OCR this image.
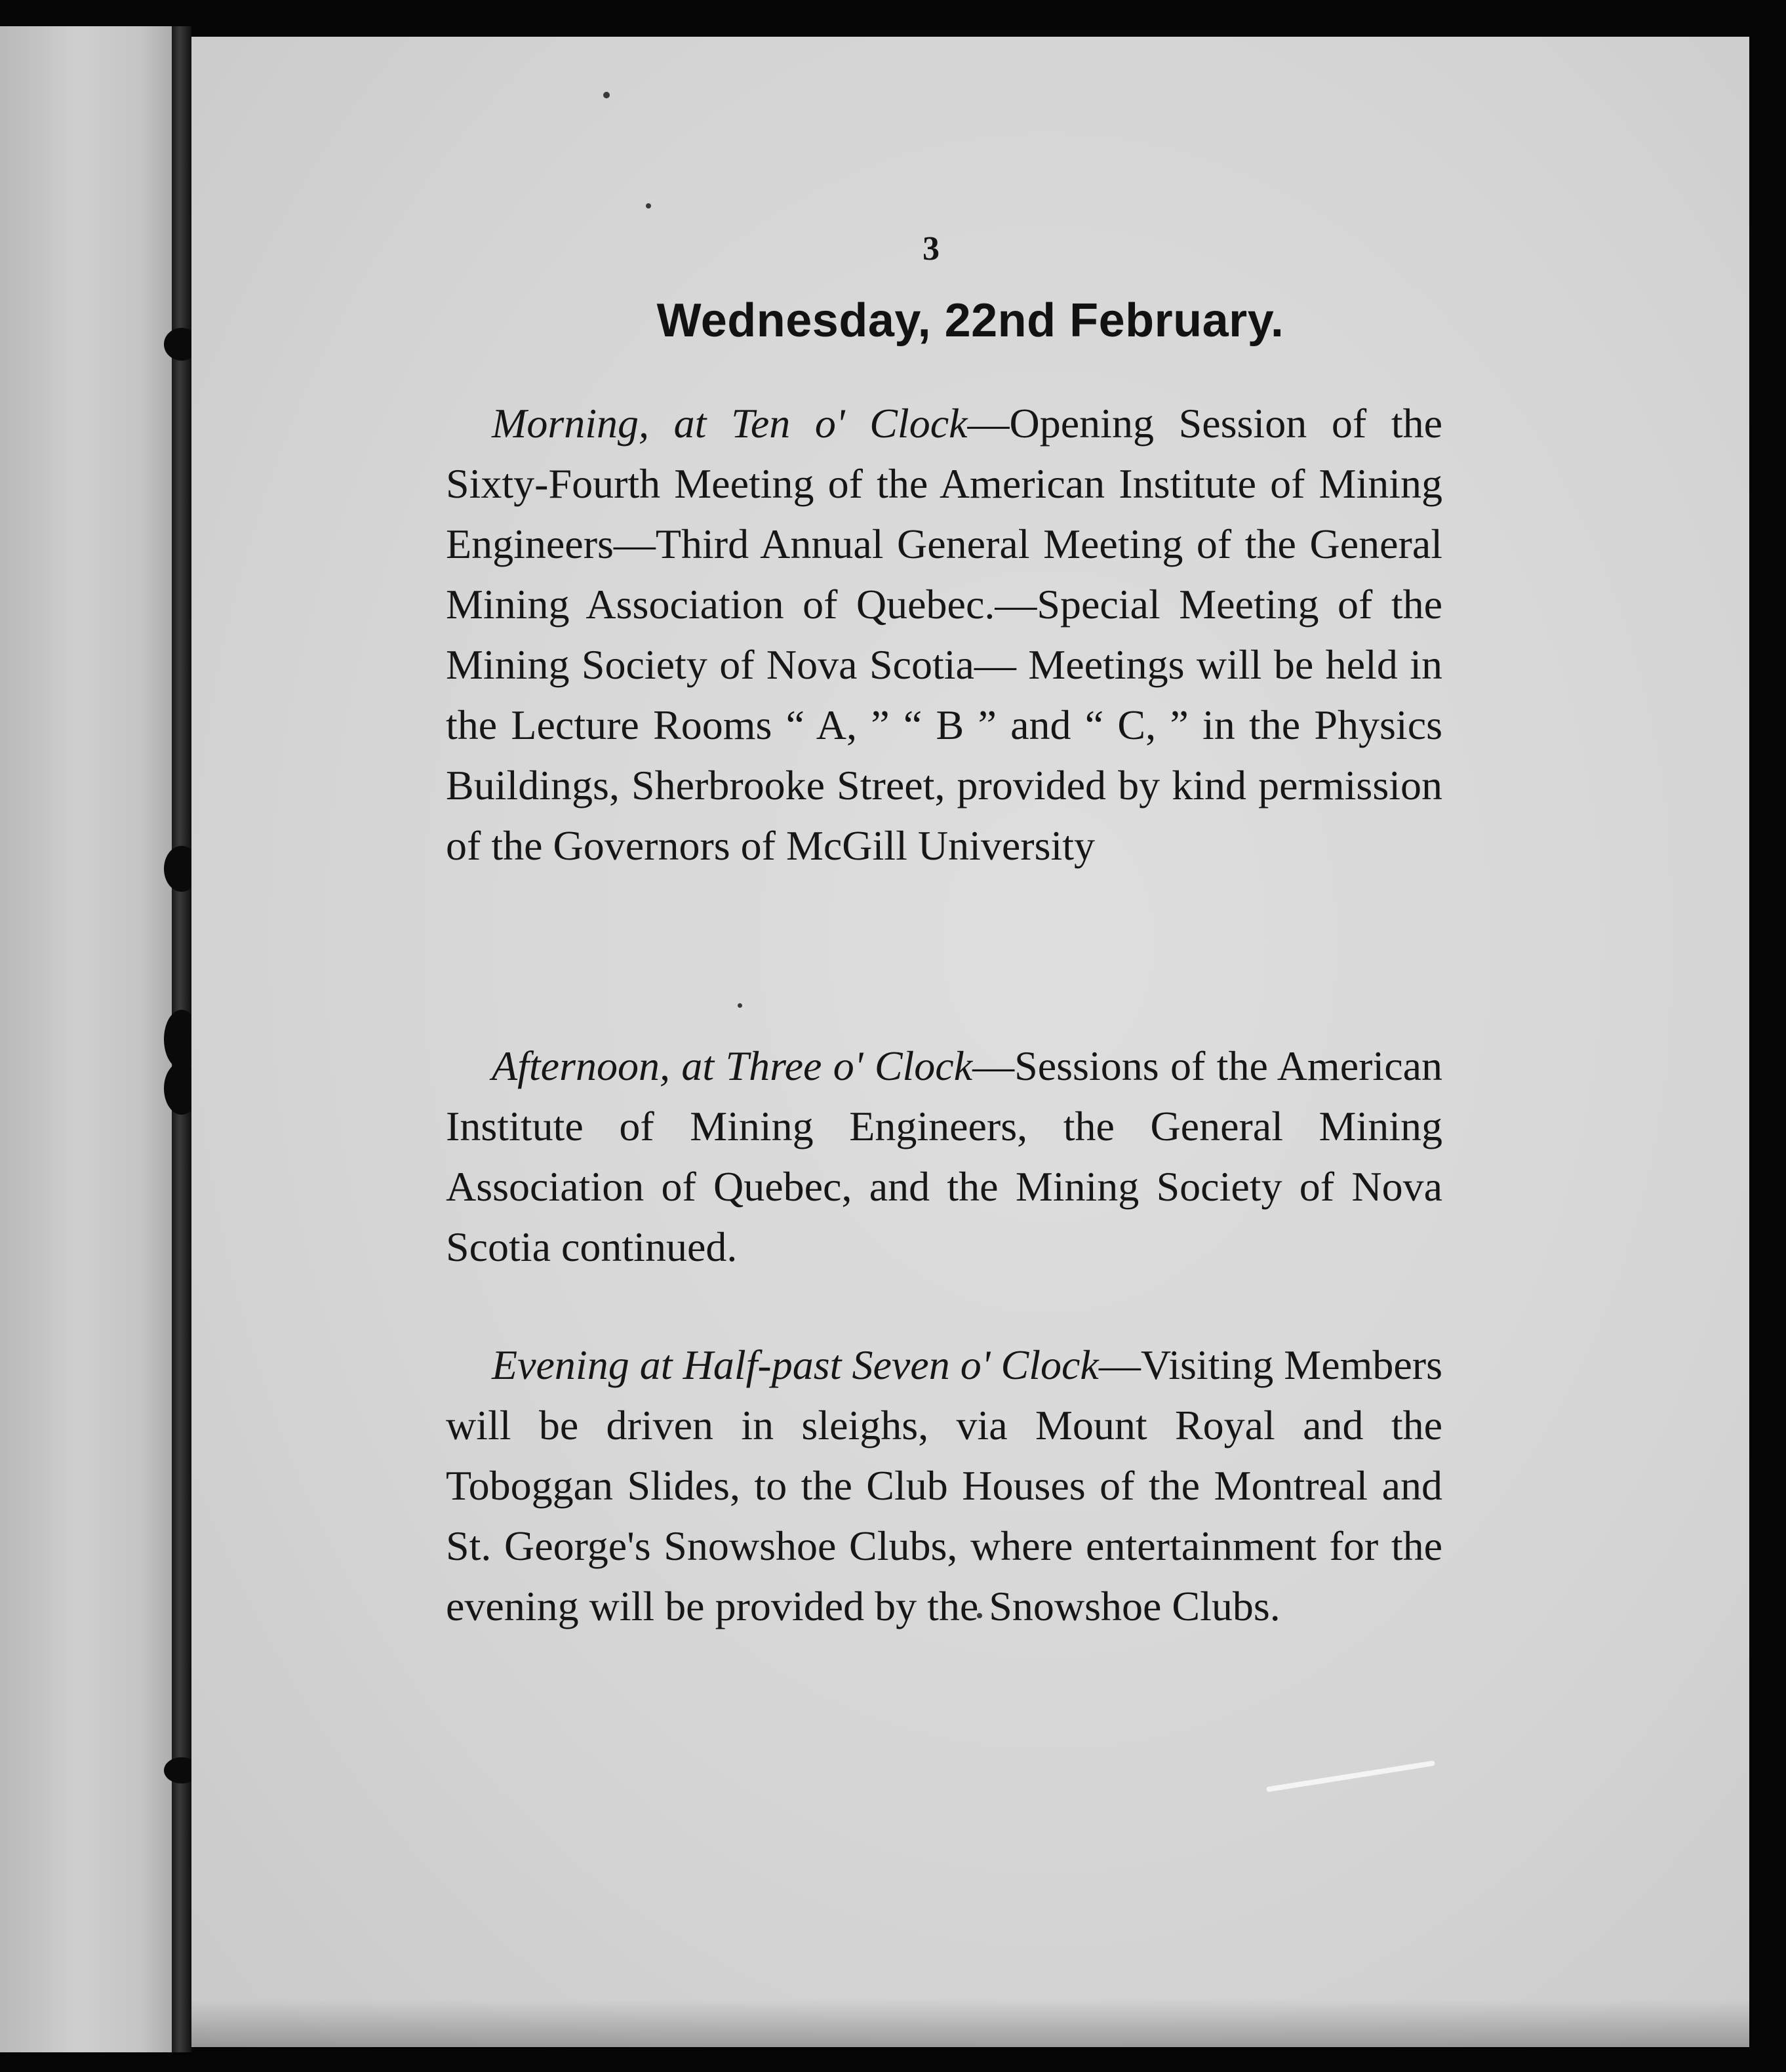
3
Wednesday, 22nd February.
Morning, at Ten o' Clock—Opening Session of the Sixty-Fourth Meeting of the American Institute of Mining Engineers—Third Annual General Meeting of the General Mining Association of Quebec.—Special Meeting of the Mining Society of Nova Scotia— Meetings will be held in the Lecture Rooms “ A, ” “ B ” and “ C, ” in the Physics Buildings, Sherbrooke Street, provided by kind permission of the Governors of McGill University
Afternoon, at Three o' Clock—Sessions of the American Institute of Mining Engineers, the General Mining Association of Quebec, and the Mining Society of Nova Scotia continued.
Evening at Half-past Seven o' Clock—Visiting Members will be driven in sleighs, via Mount Royal and the Toboggan Slides, to the Club Houses of the Montreal and St. George's Snowshoe Clubs, where entertainment for the evening will be provided by the Snowshoe Clubs.
